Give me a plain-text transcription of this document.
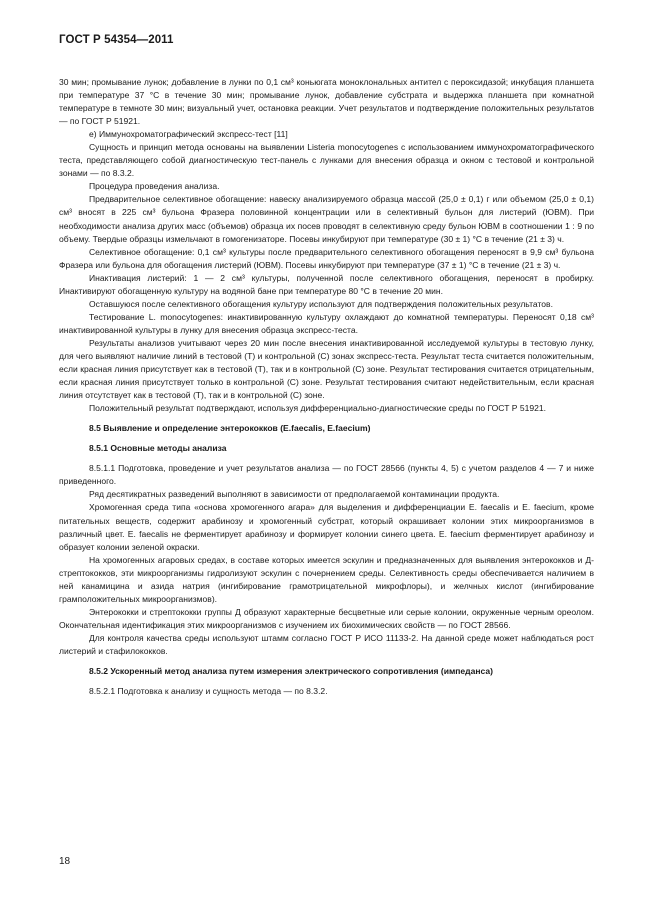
ГОСТ Р 54354—2011

30 мин; промывание лунок; добавление в лунки по 0,1 см³ коньюгата моноклональных антител с пероксидазой; инкубация планшета при температуре 37 °С в течение 30 мин; промывание лунок, добавление субстрата и выдержка планшета при комнатной температуре в темноте 30 мин; визуальный учет, остановка реакции. Учет результатов и подтверждение положительных результатов — по ГОСТ Р 51921.

е) Иммунохроматографический экспресс-тест [11]

Сущность и принцип метода основаны на выявлении Listeria monocytogenes с использованием иммунохроматографического теста, представляющего собой диагностическую тест-панель с лунками для внесения образца и окном с тестовой и контрольной зонами — по 8.3.2.

Процедура проведения анализа.

Предварительное селективное обогащение: навеску анализируемого образца массой (25,0 ± 0,1) г или объемом (25,0 ± 0,1) см³ вносят в 225 см³ бульона Фразера половинной концентрации или в селективный бульон для листерий (ЮВМ). При необходимости анализа других масс (объемов) образца их посев проводят в селективную среду бульон ЮВМ в соотношении 1 : 9 по объему. Твердые образцы измельчают в гомогенизаторе. Посевы инкубируют при температуре (30 ± 1) °С в течение (21 ± 3) ч.

Селективное обогащение: 0,1 см³ культуры после предварительного селективного обогащения переносят в 9,9 см³ бульона Фразера или бульона для обогащения листерий (ЮВМ). Посевы инкубируют при температуре (37 ± 1) °С в течение (21 ± 3) ч.

Инактивация листерий: 1 — 2 см³ культуры, полученной после селективного обогащения, переносят в пробирку. Инактивируют обогащенную культуру на водяной бане при температуре 80 °С в течение 20 мин.

Оставшуюся после селективного обогащения культуру используют для подтверждения положительных результатов.

Тестирование L. monocytogenes: инактивированную культуру охлаждают до комнатной температуры. Переносят 0,18 см³ инактивированной культуры в лунку для внесения образца экспресс-теста.

Результаты анализов учитывают через 20 мин после внесения инактивированной исследуемой культуры в тестовую лунку, для чего выявляют наличие линий в тестовой (Т) и контрольной (С) зонах экспресс-теста. Результат теста считается положительным, если красная линия присутствует как в тестовой (Т), так и в контрольной (С) зоне. Результат тестирования считается отрицательным, если красная линия присутствует только в контрольной (С) зоне. Результат тестирования считают недействительным, если красная линия отсутствует как в тестовой (Т), так и в контрольной (С) зоне.

Положительный результат подтверждают, используя дифференциально-диагностические среды по ГОСТ Р 51921.

8.5 Выявление и определение энтерококков (E.faecalis, E.faecium)

8.5.1 Основные методы анализа

8.5.1.1 Подготовка, проведение и учет результатов анализа — по ГОСТ 28566 (пункты 4, 5) с учетом разделов 4 — 7 и ниже приведенного.

Ряд десятикратных разведений выполняют в зависимости от предполагаемой контаминации продукта.

Хромогенная среда типа «основа хромогенного агара» для выделения и дифференциации E. faecalis и E. faecium, кроме питательных веществ, содержит арабинозу и хромогенный субстрат, который окрашивает колонии этих микроорганизмов в различный цвет. E. faecalis не ферментирует арабинозу и формирует колонии синего цвета. E. faecium ферментирует арабинозу и образует колонии зеленой окраски.

На хромогенных агаровых средах, в составе которых имеется эскулин и предназначенных для выявления энтерококков и Д-стрептококков, эти микроорганизмы гидролизуют эскулин с почернением среды. Селективность среды обеспечивается наличием в ней канамицина и азида натрия (ингибирование грамотрицательной микрофлоры), и желчных кислот (ингибирование грамположительных микроорганизмов).

Энтерококки и стрептококки группы Д образуют характерные бесцветные или серые колонии, окруженные черным ореолом. Окончательная идентификация этих микроорганизмов с изучением их биохимических свойств — по ГОСТ 28566.

Для контроля качества среды используют штамм согласно ГОСТ Р ИСО 11133-2. На данной среде может наблюдаться рост листерий и стафилококков.

8.5.2 Ускоренный метод анализа путем измерения электрического сопротивления (импеданса)

8.5.2.1 Подготовка к анализу и сущность метода — по 8.3.2.

18
